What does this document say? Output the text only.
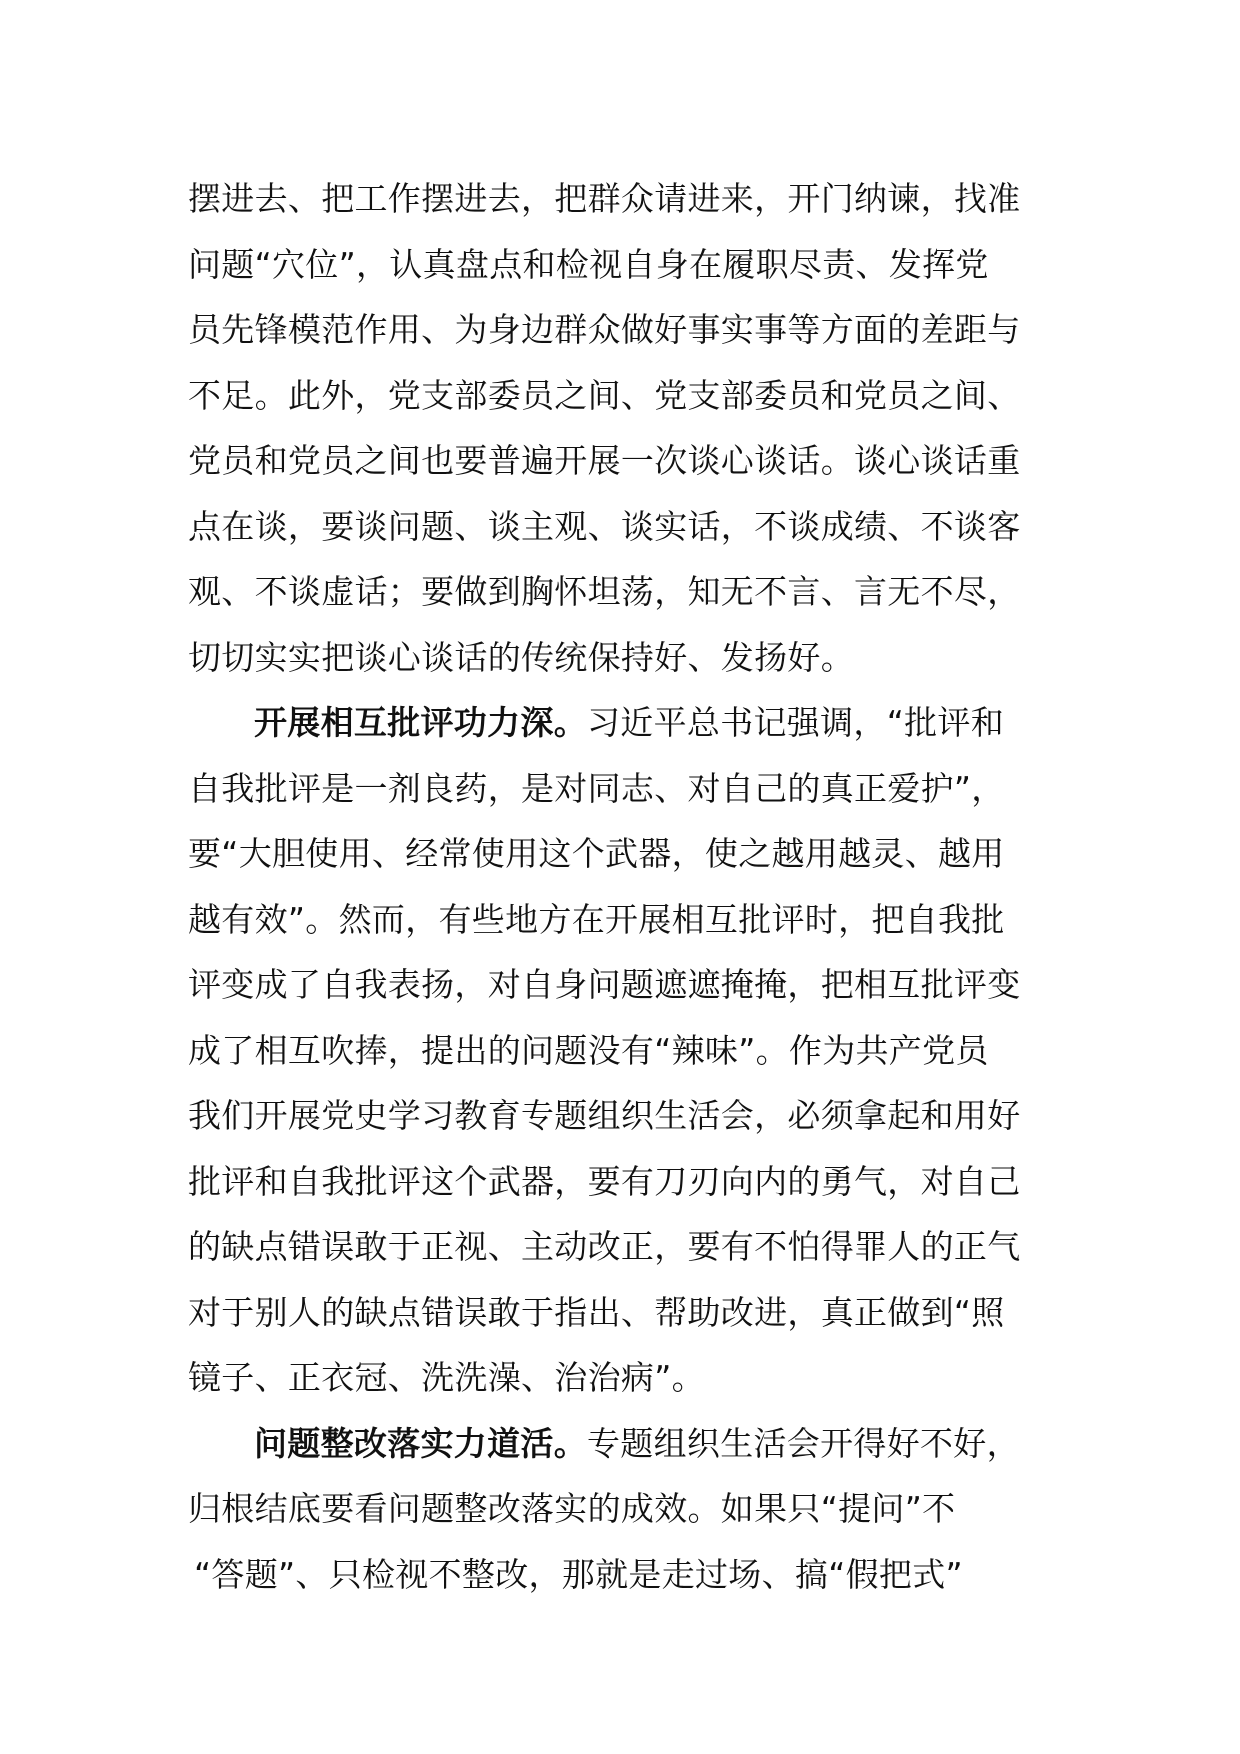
摆进去、把工作摆进去，把群众请进来，开门纳谏，找准
问题“穴位”，认真盘点和检视自身在履职尽责、发挥党
员先锋模范作用、为身边群众做好事实事等方面的差距与
不足。此外，党支部委员之间、党支部委员和党员之间、
党员和党员之间也要普遍开展一次谈心谈话。谈心谈话重
点在谈，要谈问题、谈主观、谈实话，不谈成绩、不谈客
观、不谈虚话；要做到胸怀坦荡，知无不言、言无不尽，
切切实实把谈心谈话的传统保持好、发扬好。
开展相互批评功力深。习近平总书记强调，“批评和
自我批评是一剂良药，是对同志、对自己的真正爱护”，
要“大胆使用、经常使用这个武器，使之越用越灵、越用
越有效”。然而，有些地方在开展相互批评时，把自我批
评变成了自我表扬，对自身问题遮遮掩掩，把相互批评变
成了相互吹捧，提出的问题没有“辣味”。作为共产党员
我们开展党史学习教育专题组织生活会，必须拿起和用好
批评和自我批评这个武器，要有刀刃向内的勇气，对自己
的缺点错误敢于正视、主动改正，要有不怕得罪人的正气
对于别人的缺点错误敢于指出、帮助改进，真正做到“照
镜子、正衣冠、洗洗澡、治治病”。
问题整改落实力道活。专题组织生活会开得好不好，
归根结底要看问题整改落实的成效。如果只“提问”不
“答题”、只检视不整改，那就是走过场、搞“假把式”
